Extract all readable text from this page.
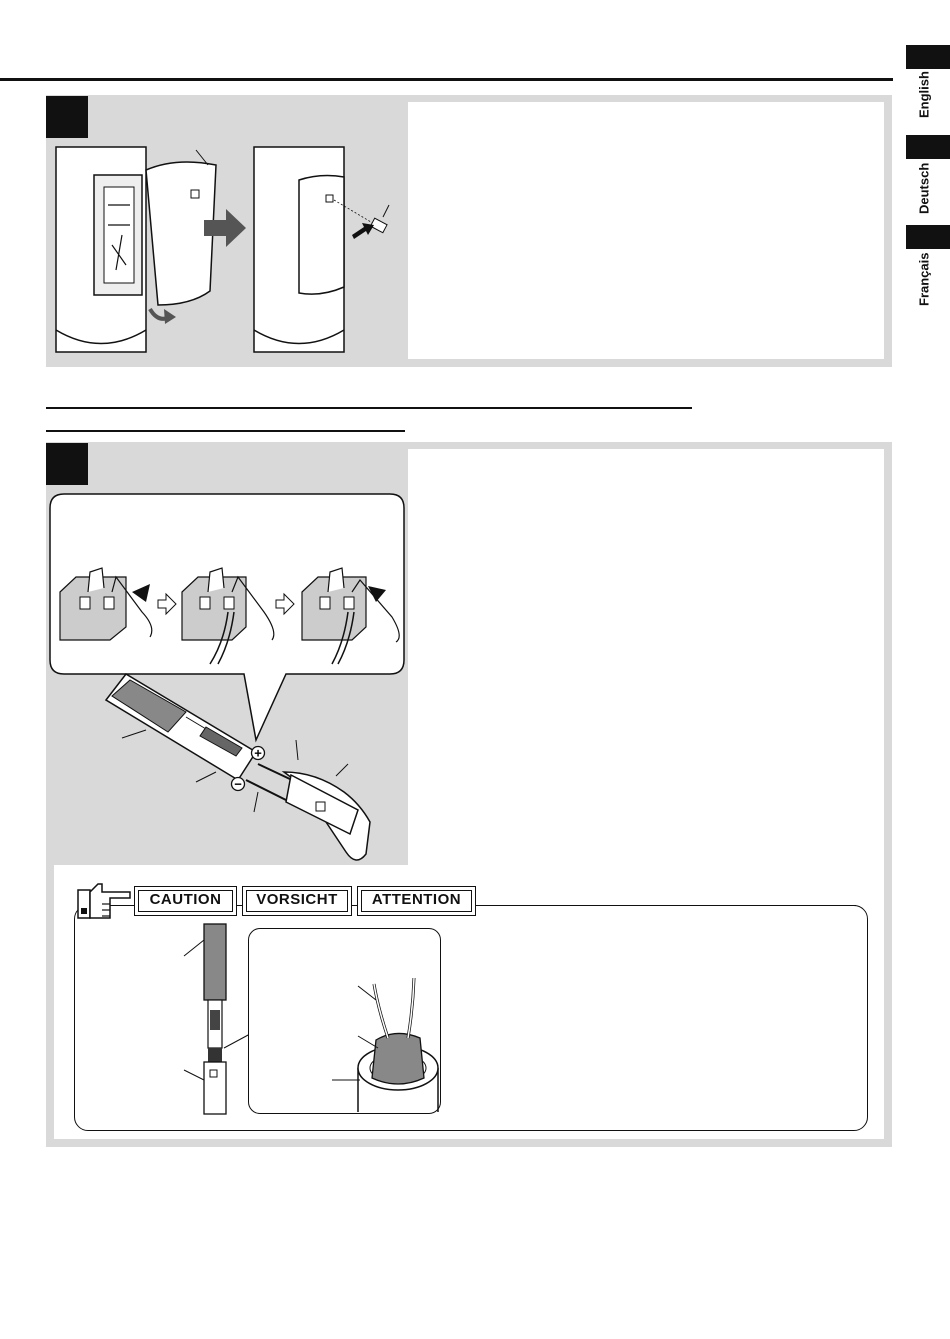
English
Deutsch
Français
+
−
CAUTION	VORSICHT	ATTENTION
